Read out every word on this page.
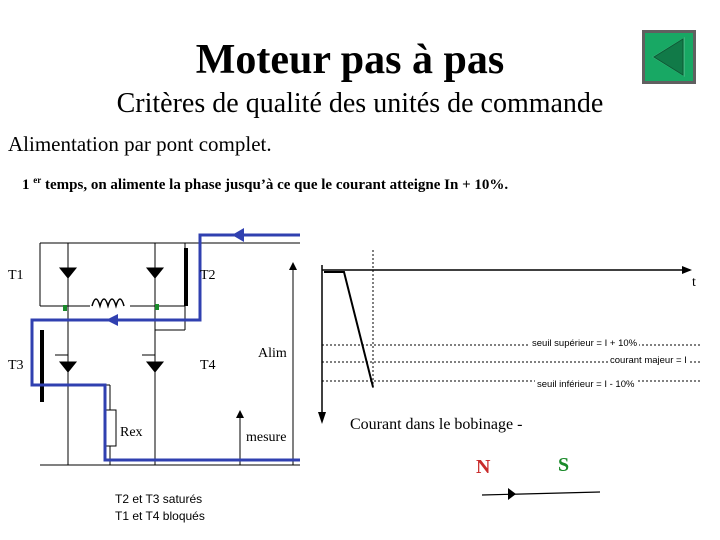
Moteur pas à pas
Critères de qualité des unités de commande
Alimentation par pont complet.
1 $^{er}$ temps, on alimente la phase jusqu’à ce que le courant atteigne In + 10%.
T1	T2
T3	T4
Rex
Alim
mesure
T2 et T3 saturés
T1 et T4 bloqués
t
seuil supérieur = I + 10%
courant majeur = I
seuil inférieur = I - 10%
Courant dans le bobinage -
N	S
